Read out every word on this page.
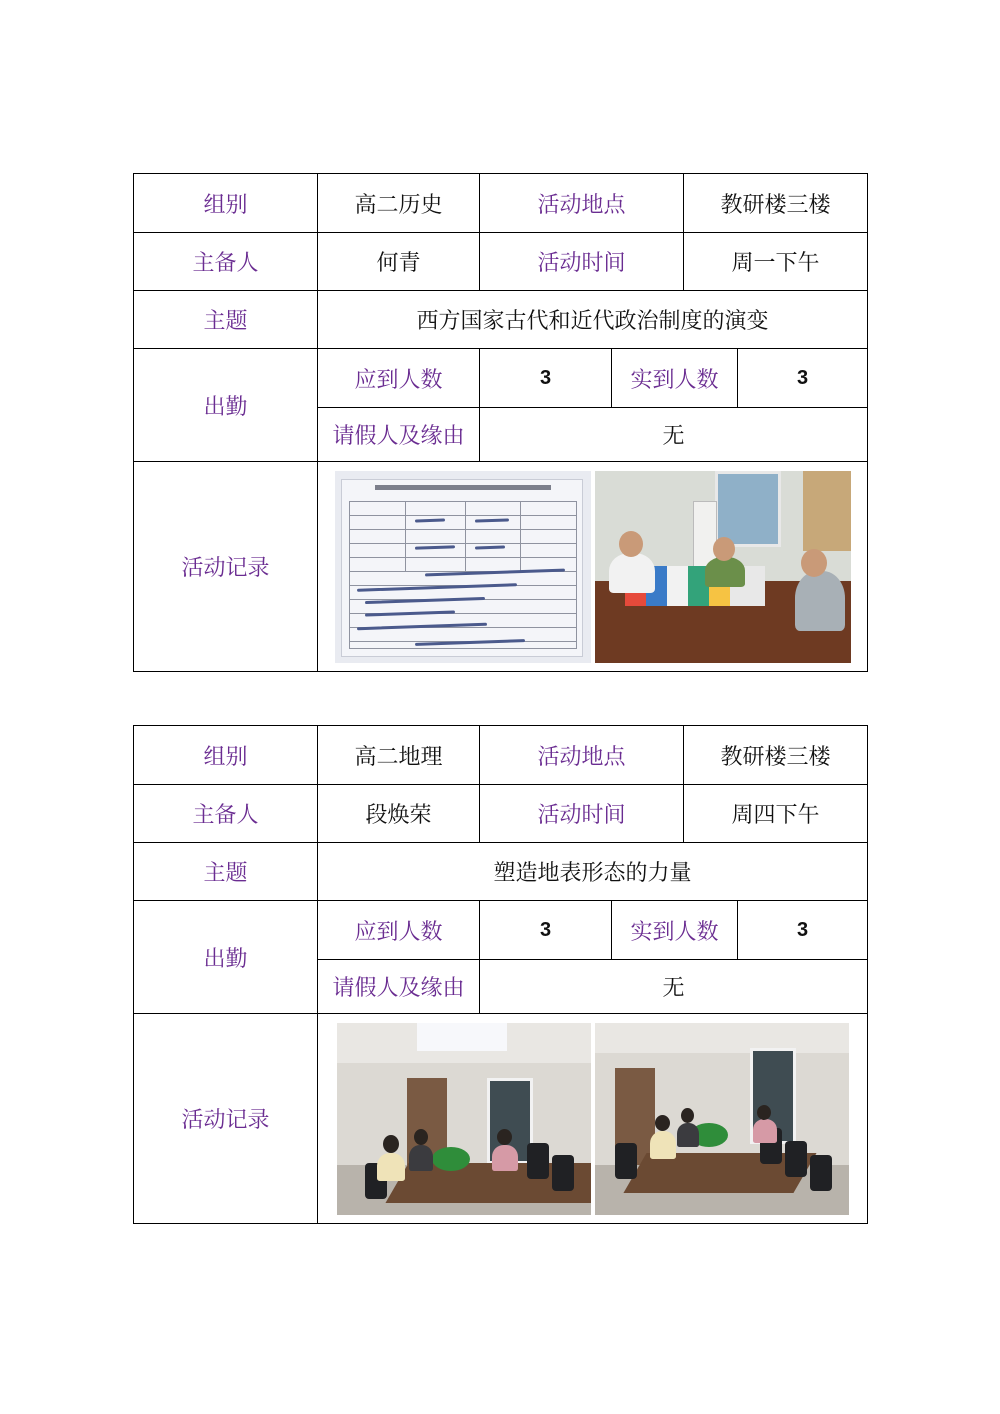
组别	高二历史	活动地点		教研楼三楼	
主备人	何青	活动时间		周一下午	
主题	西方国家古代和近代政治制度的演变				
出勤	应到人数	3	实到人数		3
	请假人及缘由	无			
活动记录					
组别	高二地理	活动地点		教研楼三楼	
主备人	段焕荣	活动时间		周四下午	
主题	塑造地表形态的力量				
出勤	应到人数	3	实到人数		3
	请假人及缘由	无			
活动记录					
